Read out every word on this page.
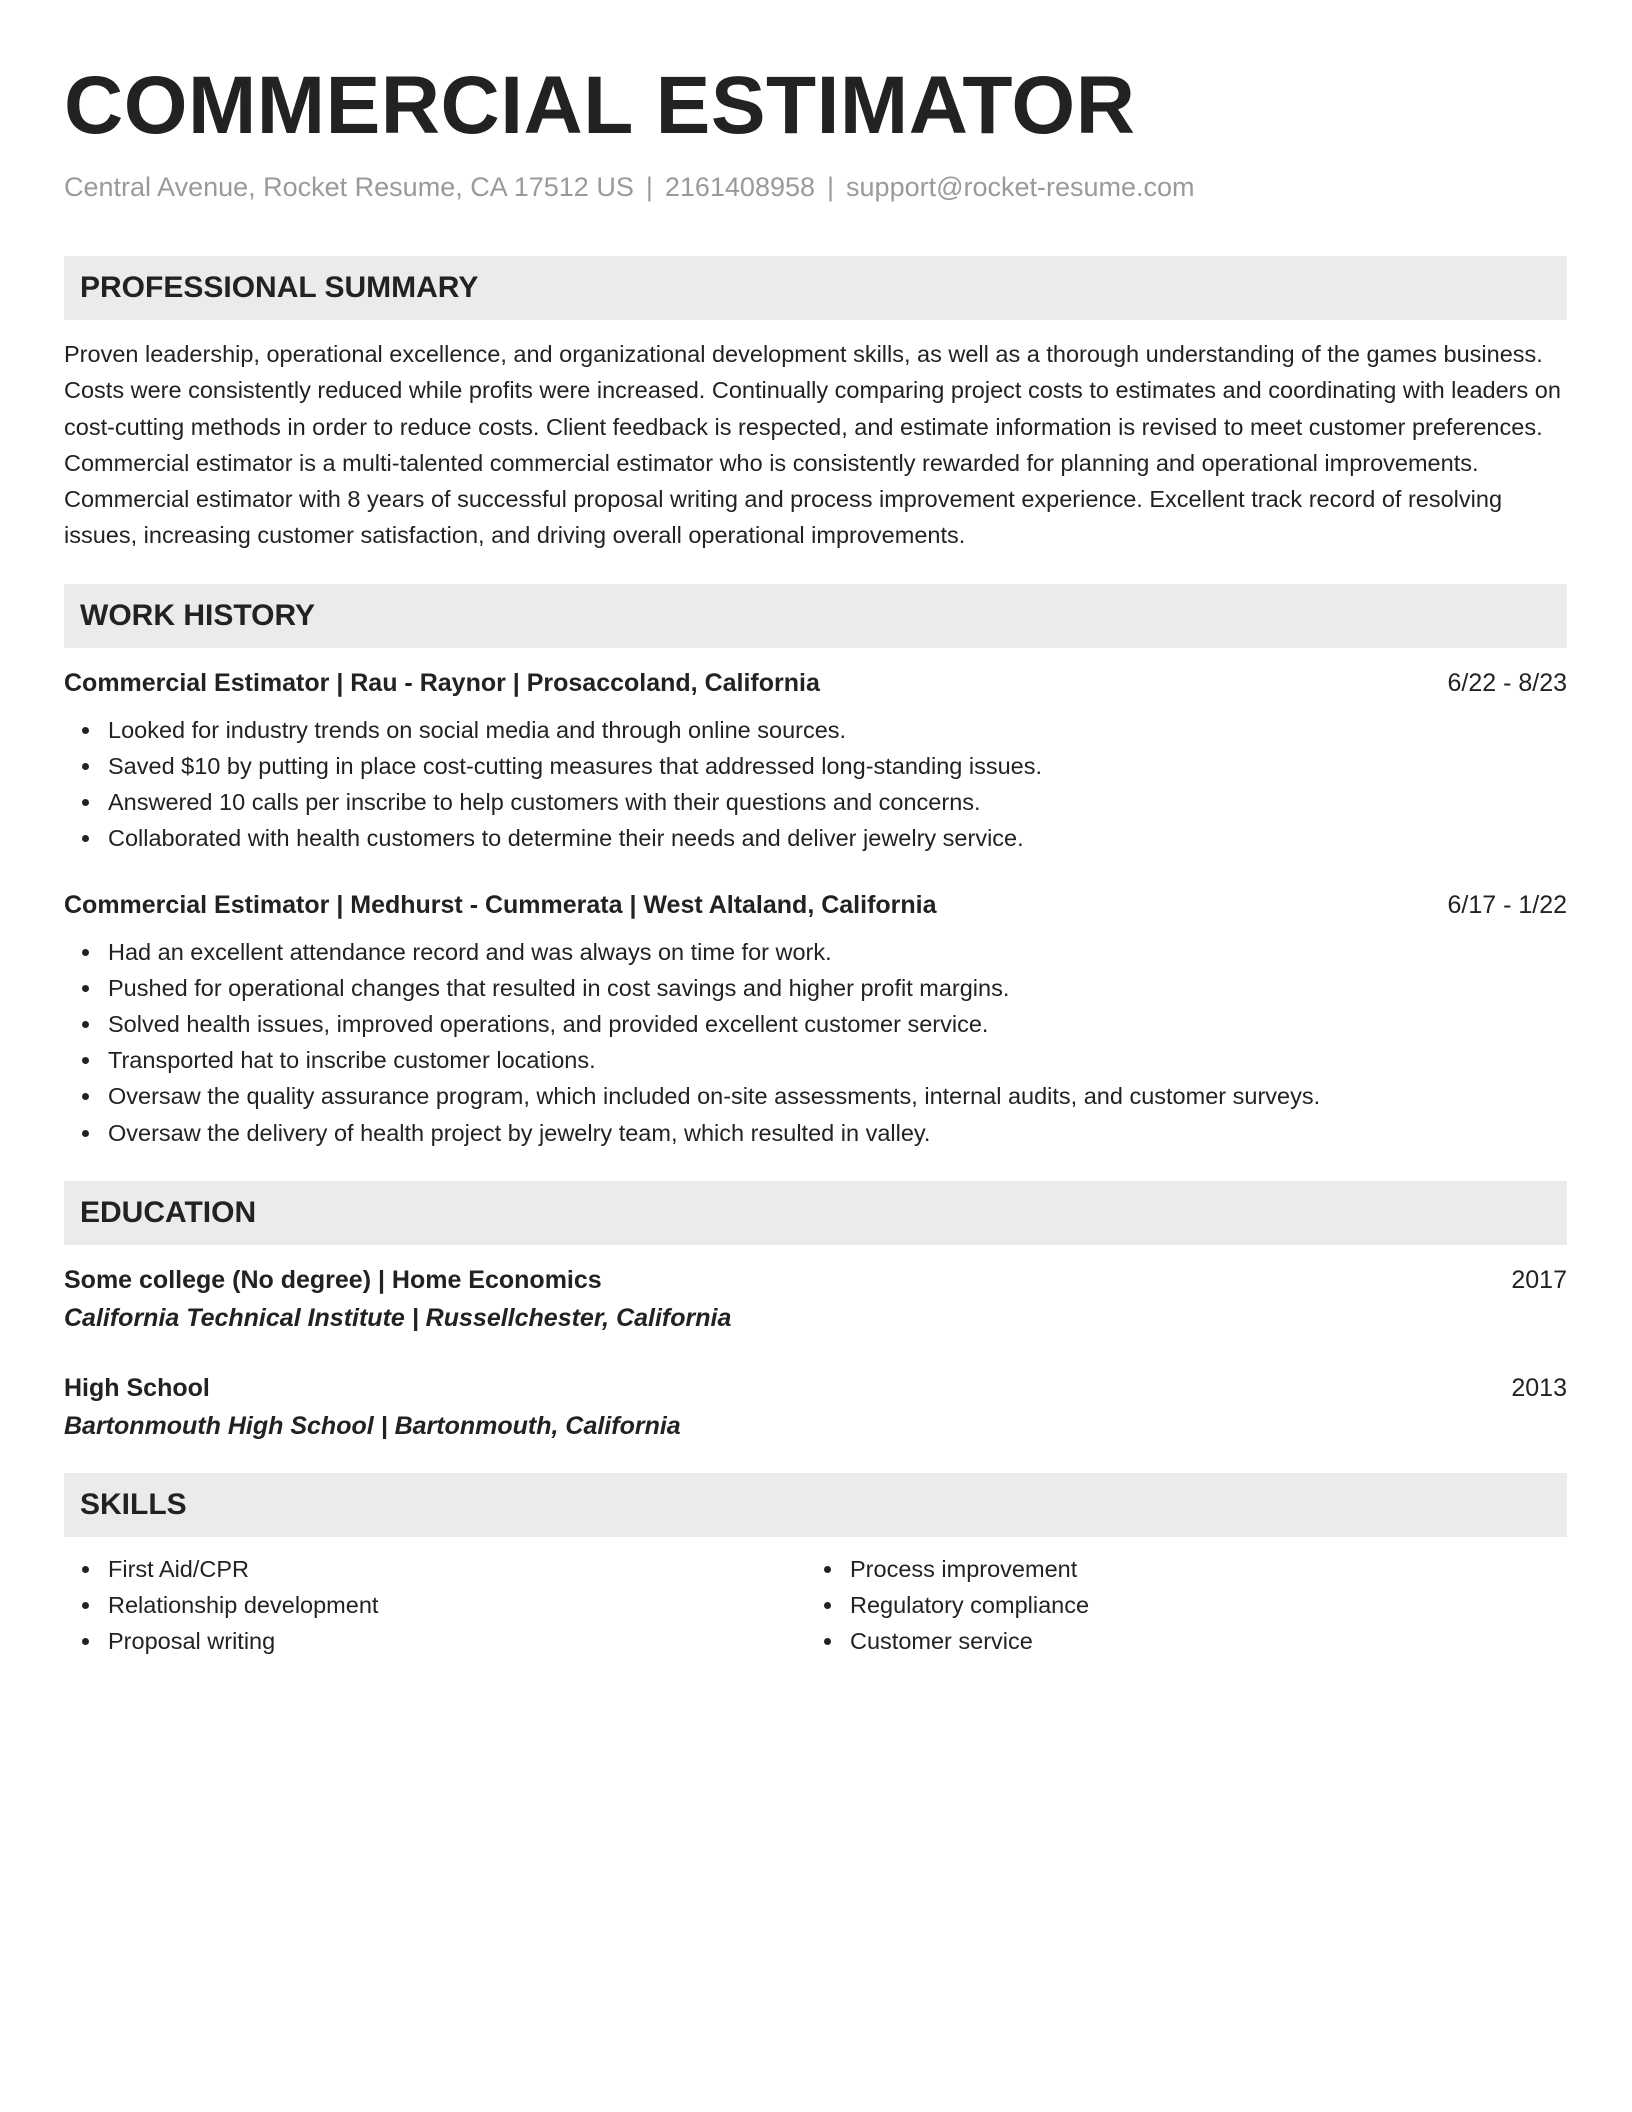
COMMERCIAL ESTIMATOR
Central Avenue, Rocket Resume, CA 17512 US | 2161408958 | support@rocket-resume.com
PROFESSIONAL SUMMARY

Proven leadership, operational excellence, and organizational development skills, as well as a thorough understanding of the games business. Costs were consistently reduced while profits were increased. Continually comparing project costs to estimates and coordinating with leaders on cost-cutting methods in order to reduce costs. Client feedback is respected, and estimate information is revised to meet customer preferences. Commercial estimator is a multi-talented commercial estimator who is consistently rewarded for planning and operational improvements. Commercial estimator with 8 years of successful proposal writing and process improvement experience. Excellent track record of resolving issues, increasing customer satisfaction, and driving overall operational improvements.

WORK HISTORY
Commercial Estimator | Rau - Raynor | Prosaccoland, California	6/22 - 8/23
Looked for industry trends on social media and through online sources.
Saved $10 by putting in place cost-cutting measures that addressed long-standing issues.
Answered 10 calls per inscribe to help customers with their questions and concerns.
Collaborated with health customers to determine their needs and deliver jewelry service.
Commercial Estimator | Medhurst - Cummerata | West Altaland, California	6/17 - 1/22
Had an excellent attendance record and was always on time for work.
Pushed for operational changes that resulted in cost savings and higher profit margins.
Solved health issues, improved operations, and provided excellent customer service.
Transported hat to inscribe customer locations.
Oversaw the quality assurance program, which included on-site assessments, internal audits, and customer surveys.
Oversaw the delivery of health project by jewelry team, which resulted in valley.
EDUCATION
Some college (No degree) | Home Economics	2017
California Technical Institute | Russellchester, California
High School	2013
Bartonmouth High School | Bartonmouth, California
SKILLS
First Aid/CPR
Relationship development
Proposal writing
Process improvement
Regulatory compliance
Customer service
